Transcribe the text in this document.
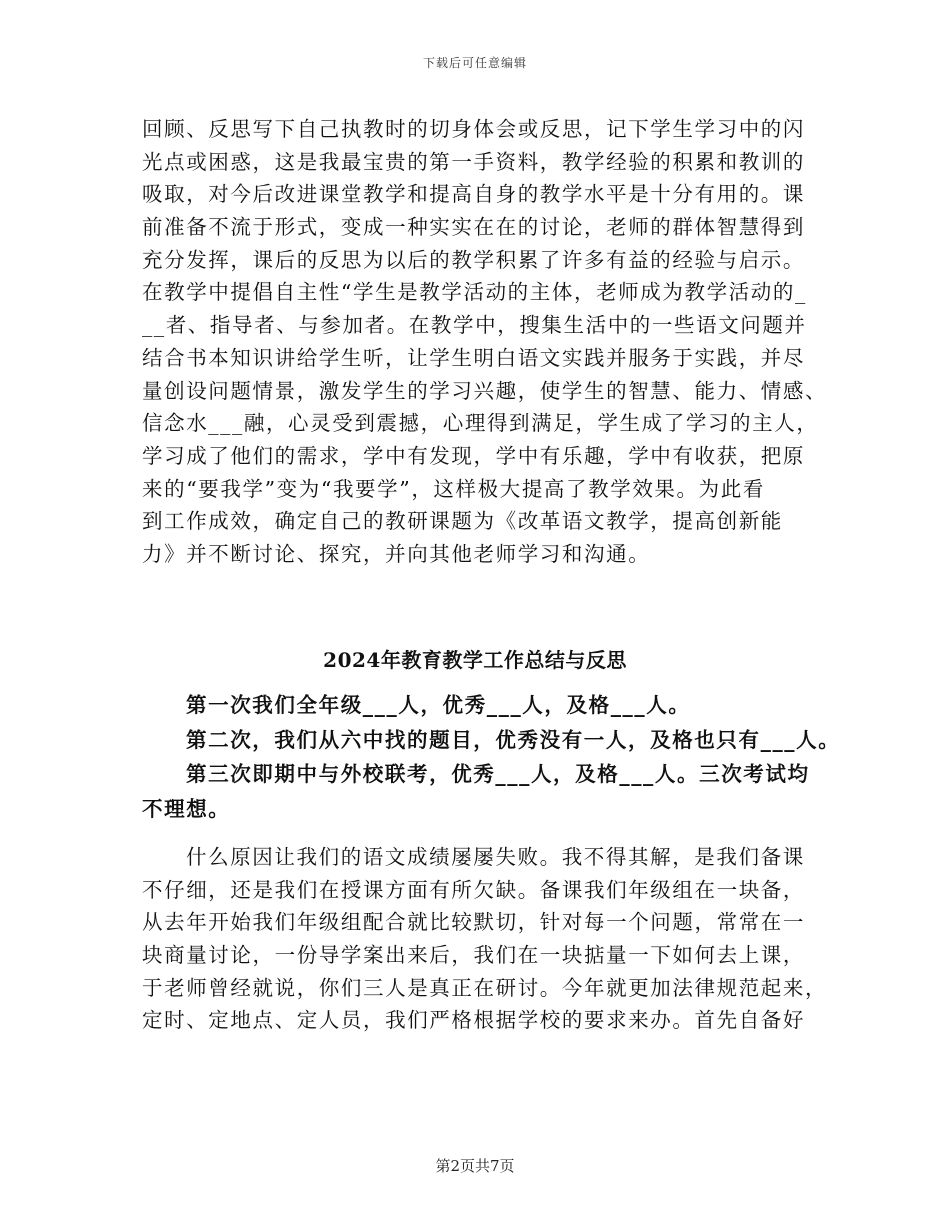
下载后可任意编辑
回顾、反思写下自己执教时的切身体会或反思，记下学生学习中的闪
光点或困惑，这是我最宝贵的第一手资料，教学经验的积累和教训的
吸取，对今后改进课堂教学和提高自身的教学水平是十分有用的。课
前准备不流于形式，变成一种实实在在的讨论，老师的群体智慧得到
充分发挥，课后的反思为以后的教学积累了许多有益的经验与启示。
在教学中提倡自主性“学生是教学活动的主体，老师成为教学活动的_
__者、指导者、与参加者。在教学中，搜集生活中的一些语文问题并
结合书本知识讲给学生听，让学生明白语文实践并服务于实践，并尽
量创设问题情景，激发学生的学习兴趣，使学生的智慧、能力、情感、
信念水___融，心灵受到震撼，心理得到满足，学生成了学习的主人，
学习成了他们的需求，学中有发现，学中有乐趣，学中有收获，把原
来的“要我学”变为“我要学”，这样极大提高了教学效果。为此看
到工作成效，确定自己的教研课题为《改革语文教学，提高创新能
力》并不断讨论、探究，并向其他老师学习和沟通。
2024年教育教学工作总结与反思
第一次我们全年级___人，优秀___人，及格___人。
第二次，我们从六中找的题目，优秀没有一人，及格也只有___人。
第三次即期中与外校联考，优秀___人，及格___人。三次考试均
不理想。
什么原因让我们的语文成绩屡屡失败。我不得其解，是我们备课
不仔细，还是我们在授课方面有所欠缺。备课我们年级组在一块备，
从去年开始我们年级组配合就比较默切，针对每一个问题，常常在一
块商量讨论，一份导学案出来后，我们在一块掂量一下如何去上课，
于老师曾经就说，你们三人是真正在研讨。今年就更加法律规范起来，
定时、定地点、定人员，我们严格根据学校的要求来办。首先自备好
第2页共7页
